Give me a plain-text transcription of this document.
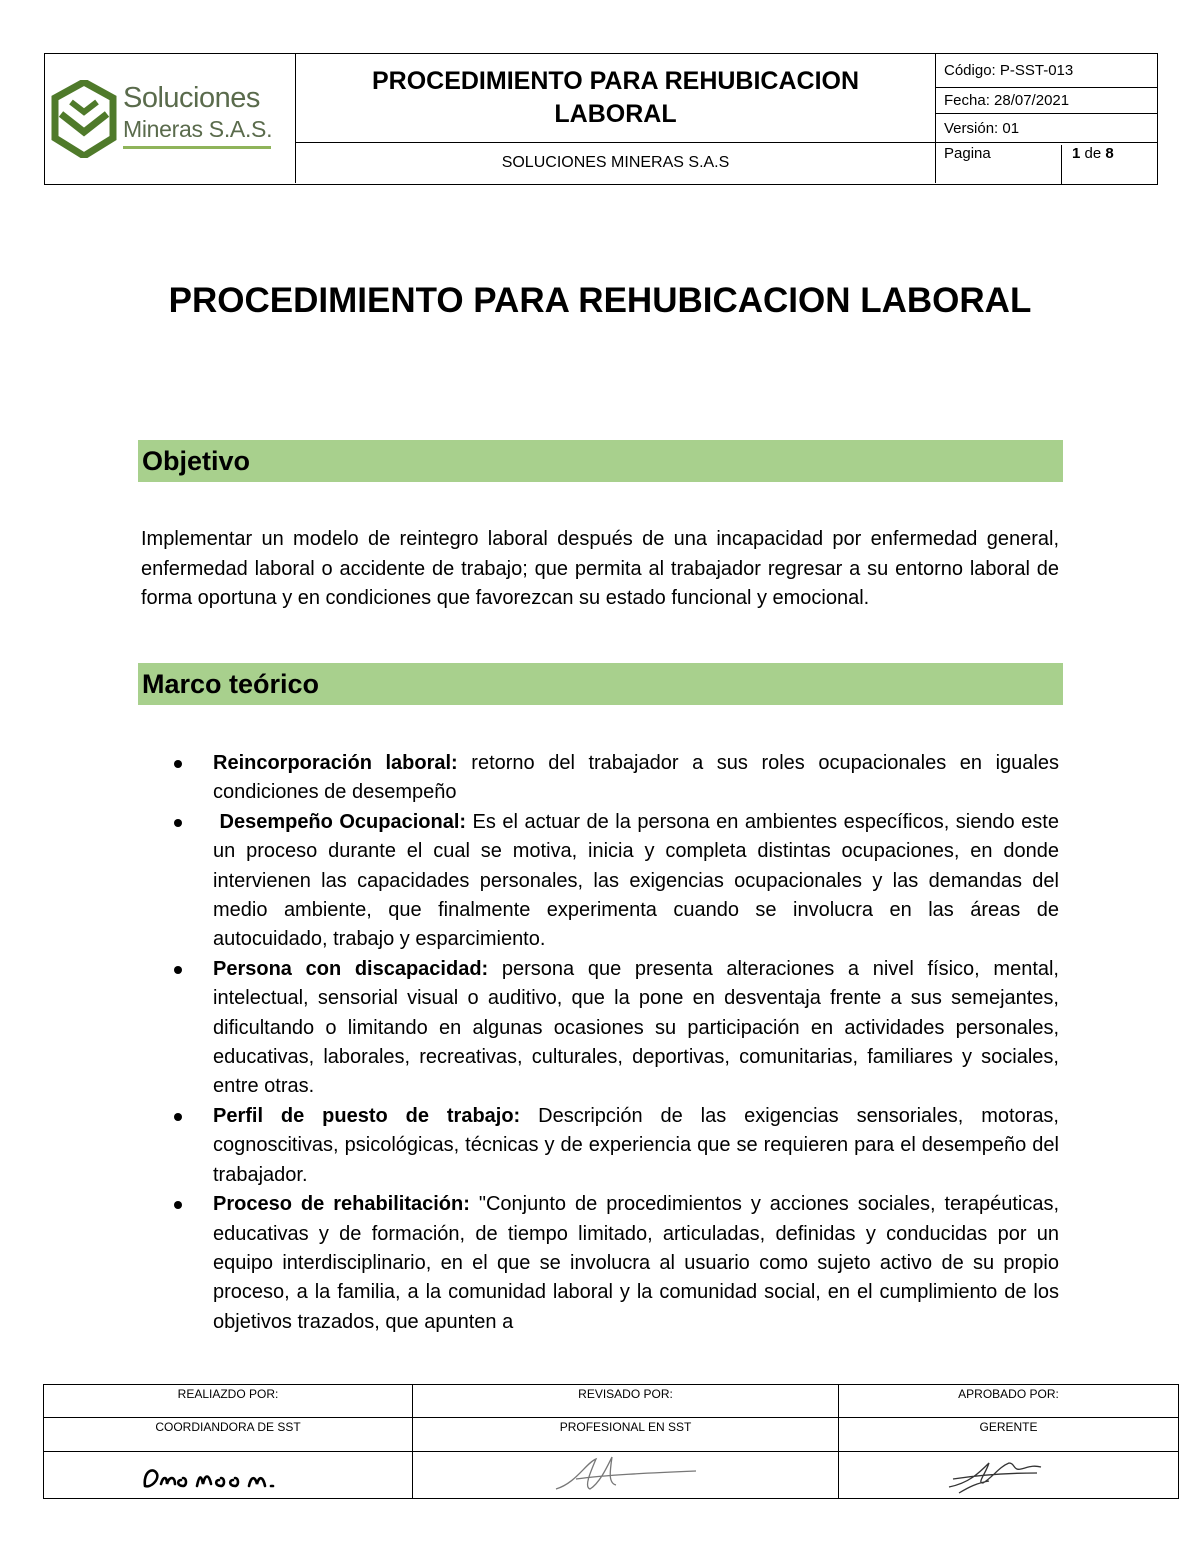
Soluciones
Mineras S.A.S.
PROCEDIMIENTO PARA REHUBICACION LABORAL
SOLUCIONES MINERAS S.A.S
Código: P-SST-013
Fecha: 28/07/2021
Versión: 01
Pagina	1 de 8
PROCEDIMIENTO PARA REHUBICACION LABORAL
Objetivo
Implementar un modelo de reintegro laboral después de una incapacidad por enfermedad general, enfermedad laboral o accidente de trabajo; que permita al trabajador regresar a su entorno laboral de forma oportuna y en condiciones que favorezcan su estado funcional y emocional.
Marco teórico
Reincorporación laboral: retorno del trabajador a sus roles ocupacionales en iguales condiciones de desempeño
Desempeño Ocupacional: Es el actuar de la persona en ambientes específicos, siendo este un proceso durante el cual se motiva, inicia y completa distintas ocupaciones, en donde intervienen las capacidades personales, las exigencias ocupacionales y las demandas del medio ambiente, que finalmente experimenta cuando se involucra en las áreas de autocuidado, trabajo y esparcimiento.
Persona con discapacidad: persona que presenta alteraciones a nivel físico, mental, intelectual, sensorial visual o auditivo, que la pone en desventaja frente a sus semejantes, dificultando o limitando en algunas ocasiones su participación en actividades personales, educativas, laborales, recreativas, culturales, deportivas, comunitarias, familiares y sociales, entre otras.
Perfil de puesto de trabajo: Descripción de las exigencias sensoriales, motoras, cognoscitivas, psicológicas, técnicas y de experiencia que se requieren para el desempeño del trabajador.
Proceso de rehabilitación: "Conjunto de procedimientos y acciones sociales, terapéuticas, educativas y de formación, de tiempo limitado, articuladas, definidas y conducidas por un equipo interdisciplinario, en el que se involucra al usuario como sujeto activo de su propio proceso, a la familia, a la comunidad laboral y la comunidad social, en el cumplimiento de los objetivos trazados, que apunten a
REALIAZDO POR:	REVISADO POR:	APROBADO POR:
COORDIANDORA DE SST	PROFESIONAL EN SST	GERENTE
